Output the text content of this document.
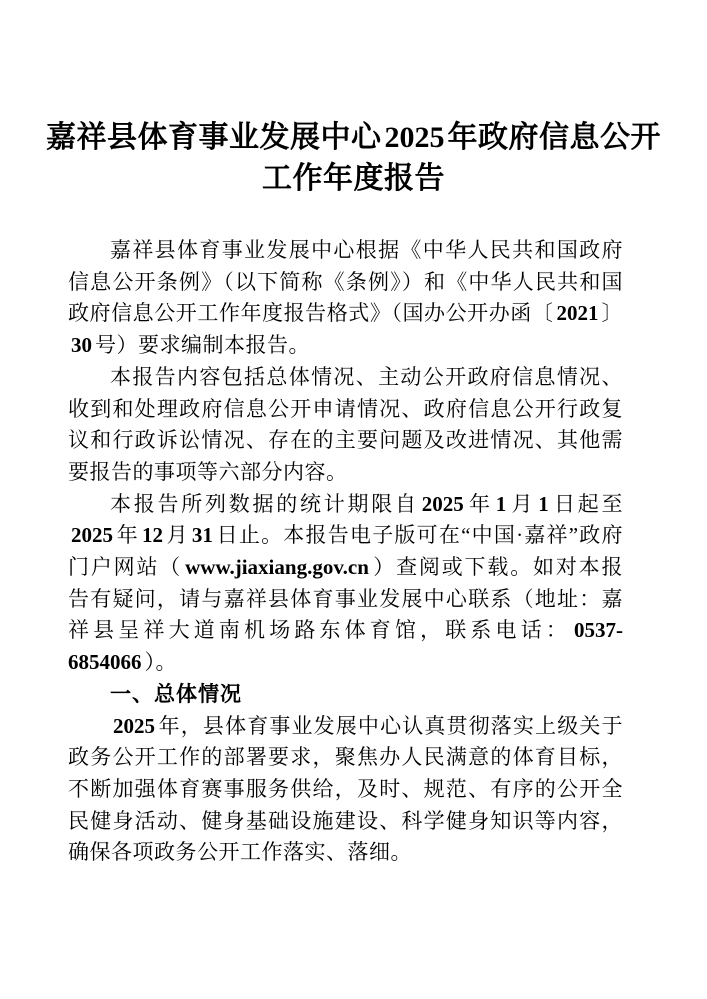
嘉祥县体育事业发展中心 2025 年政府信息公开
工作年度报告

嘉祥县体育事业发展中心根据《中华人民共和国政府信息公开条例》（以下简称《条例》）和《中华人民共和国政府信息公开工作年度报告格式》（国办公开办函〔 2021 〕30 号）要求编制本报告。

本报告内容包括总体情况、主动公开政府信息情况、收到和处理政府信息公开申请情况、政府信息公开行政复议和行政诉讼情况、存在的主要问题及改进情况、其他需要报告的事项等六部分内容。

本报告所列数据的统计期限自 2025 年 1 月 1 日起至2025 年 12 月 31 日止。本报告电子版可在“中国·嘉祥”政府门户网站（ www.jiaxiang.gov.cn ）查阅或下载。如对本报告有疑问，请与嘉祥县体育事业发展中心联系（地址：嘉祥县呈祥大道南机场路东体育馆，联系电话： 0537-6854066 ）。

一、总体情况

2025 年，县体育事业发展中心认真贯彻落实上级关于政务公开工作的部署要求，聚焦办人民满意的体育目标，不断加强体育赛事服务供给，及时、规范、有序的公开全民健身活动、健身基础设施建设、科学健身知识等内容，确保各项政务公开工作落实、落细。
